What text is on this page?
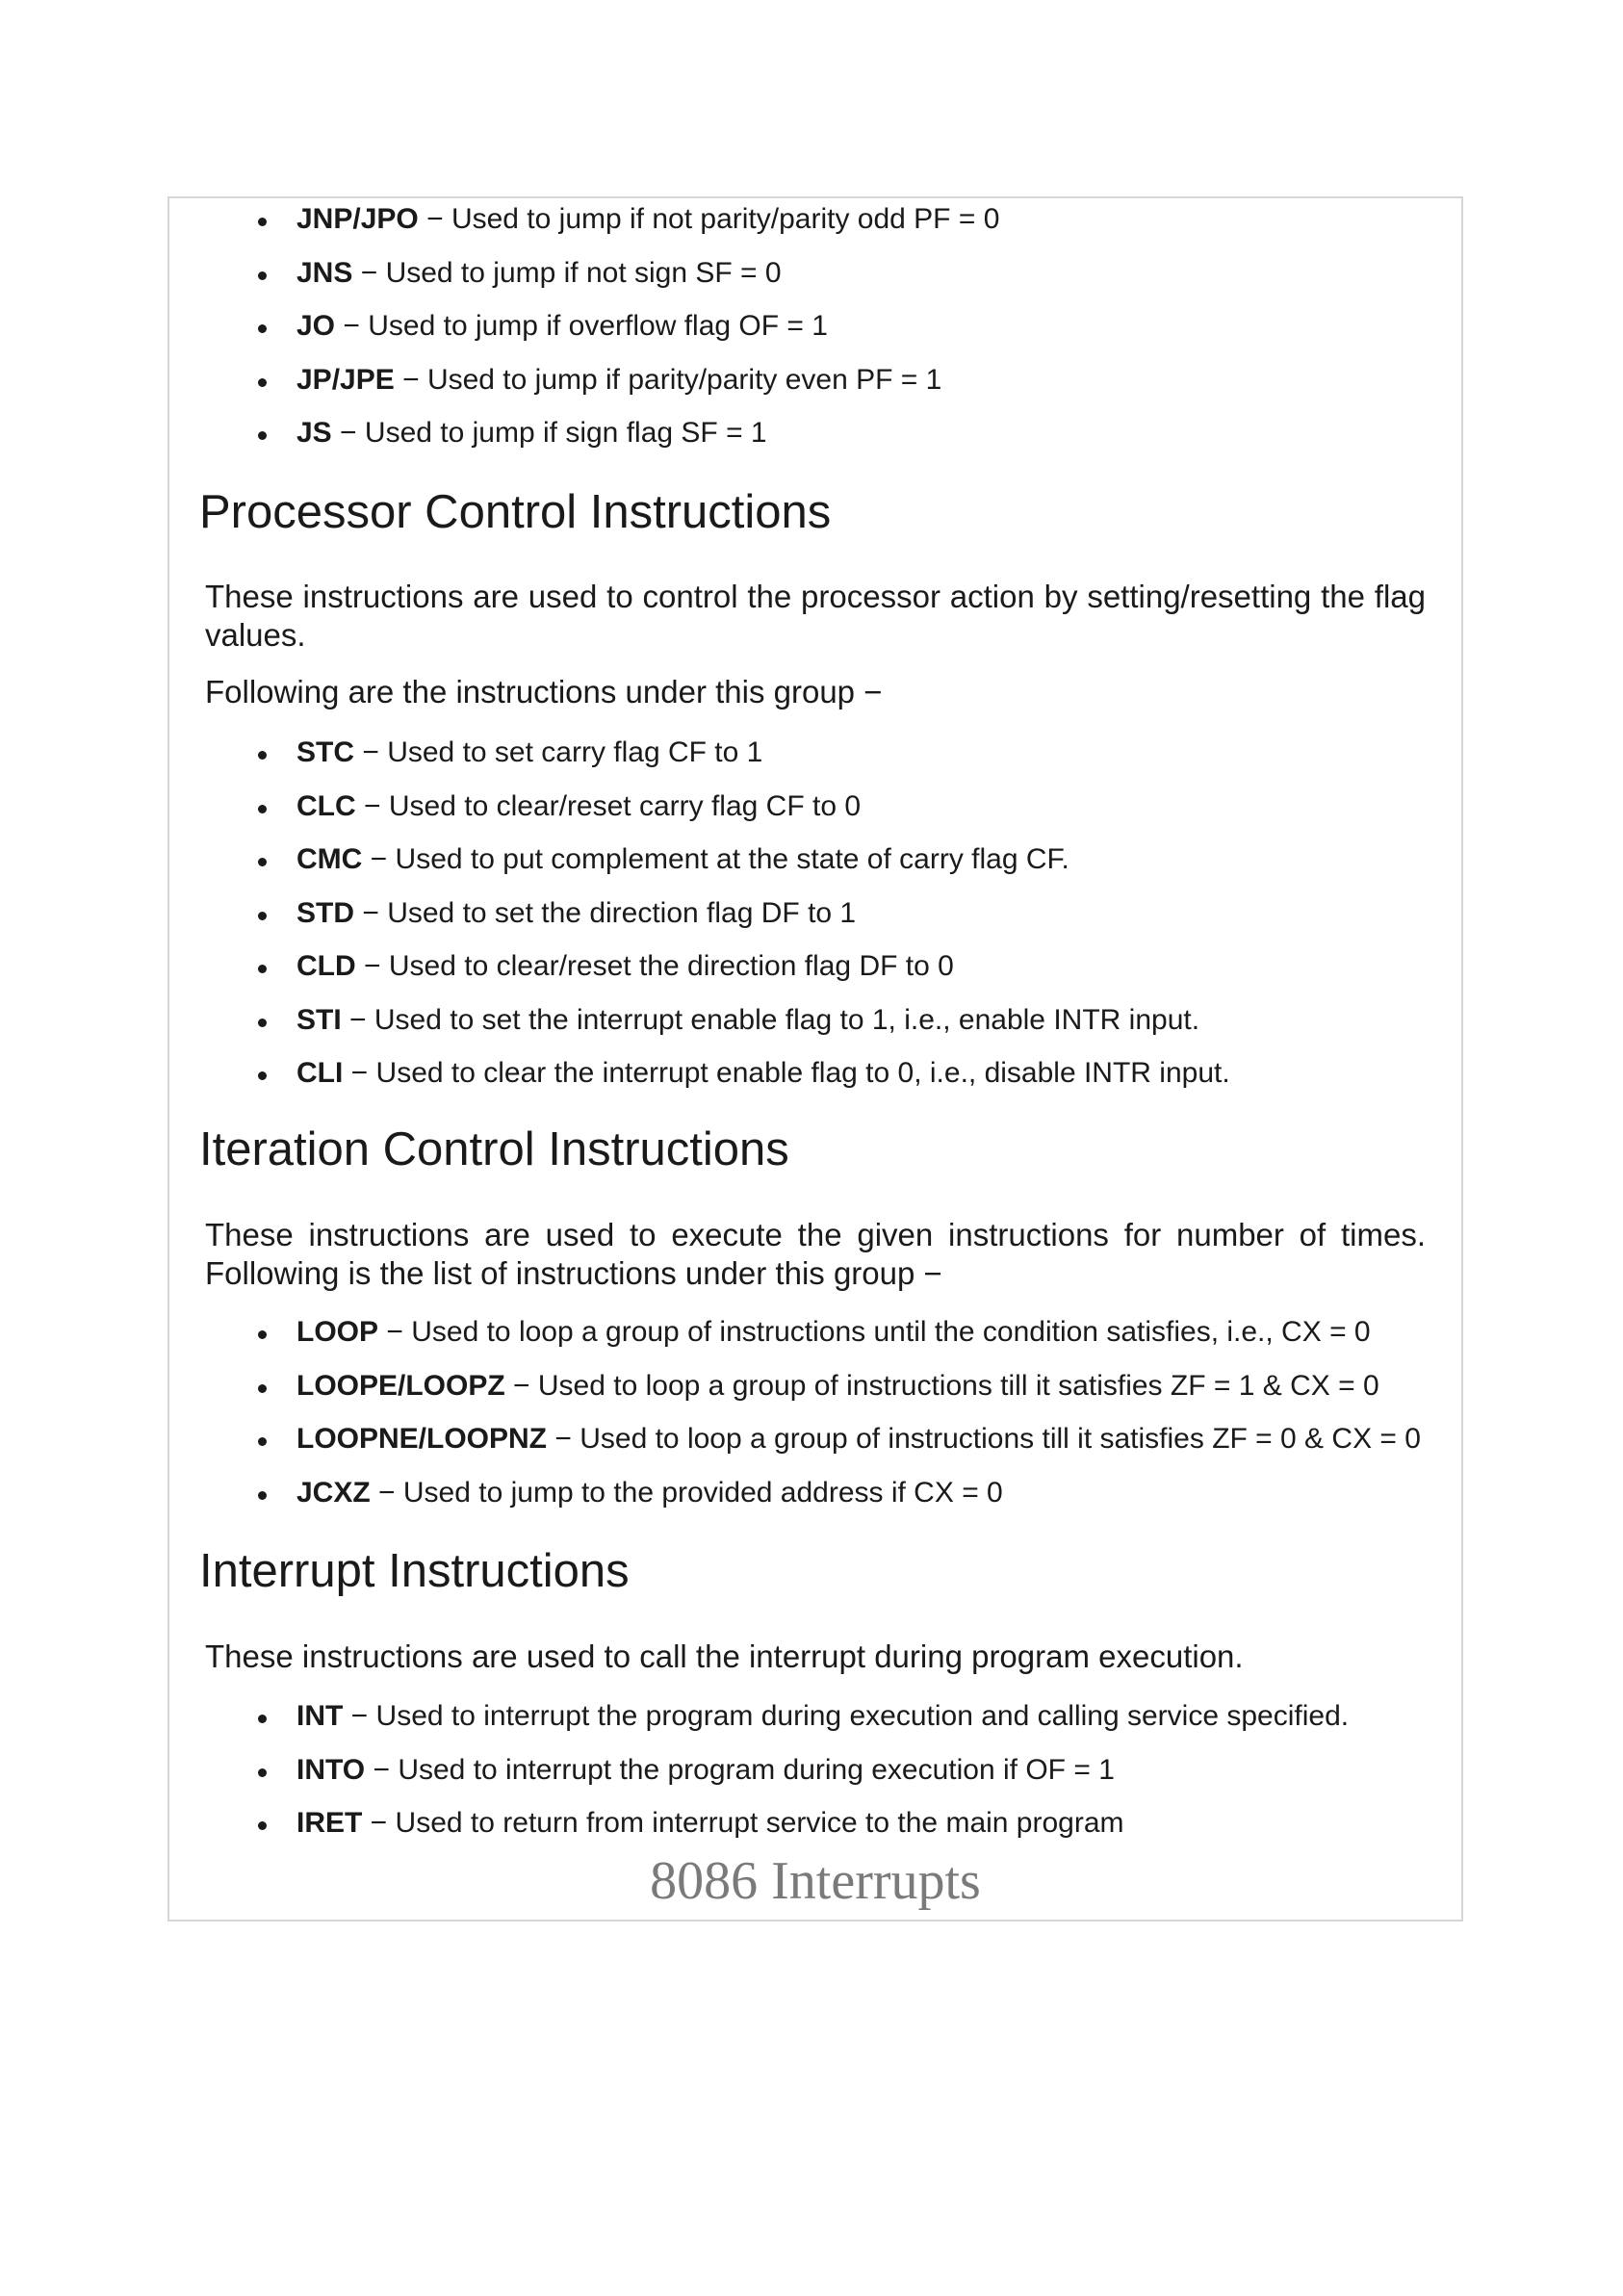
JNP/JPO − Used to jump if not parity/parity odd PF = 0
JNS − Used to jump if not sign SF = 0
JO − Used to jump if overflow flag OF = 1
JP/JPE − Used to jump if parity/parity even PF = 1
JS − Used to jump if sign flag SF = 1
Processor Control Instructions

These instructions are used to control the processor action by setting/resetting the flag values.

Following are the instructions under this group −

STC − Used to set carry flag CF to 1
CLC − Used to clear/reset carry flag CF to 0
CMC − Used to put complement at the state of carry flag CF.
STD − Used to set the direction flag DF to 1
CLD − Used to clear/reset the direction flag DF to 0
STI − Used to set the interrupt enable flag to 1, i.e., enable INTR input.
CLI − Used to clear the interrupt enable flag to 0, i.e., disable INTR input.
Iteration Control Instructions

These instructions are used to execute the given instructions for number of times. Following is the list of instructions under this group −

LOOP − Used to loop a group of instructions until the condition satisfies, i.e., CX = 0
LOOPE/LOOPZ − Used to loop a group of instructions till it satisfies ZF = 1 & CX = 0
LOOPNE/LOOPNZ − Used to loop a group of instructions till it satisfies ZF = 0 & CX = 0
JCXZ − Used to jump to the provided address if CX = 0
Interrupt Instructions

These instructions are used to call the interrupt during program execution.

INT − Used to interrupt the program during execution and calling service specified.
INTO − Used to interrupt the program during execution if OF = 1
IRET − Used to return from interrupt service to the main program
8086 Interrupts
